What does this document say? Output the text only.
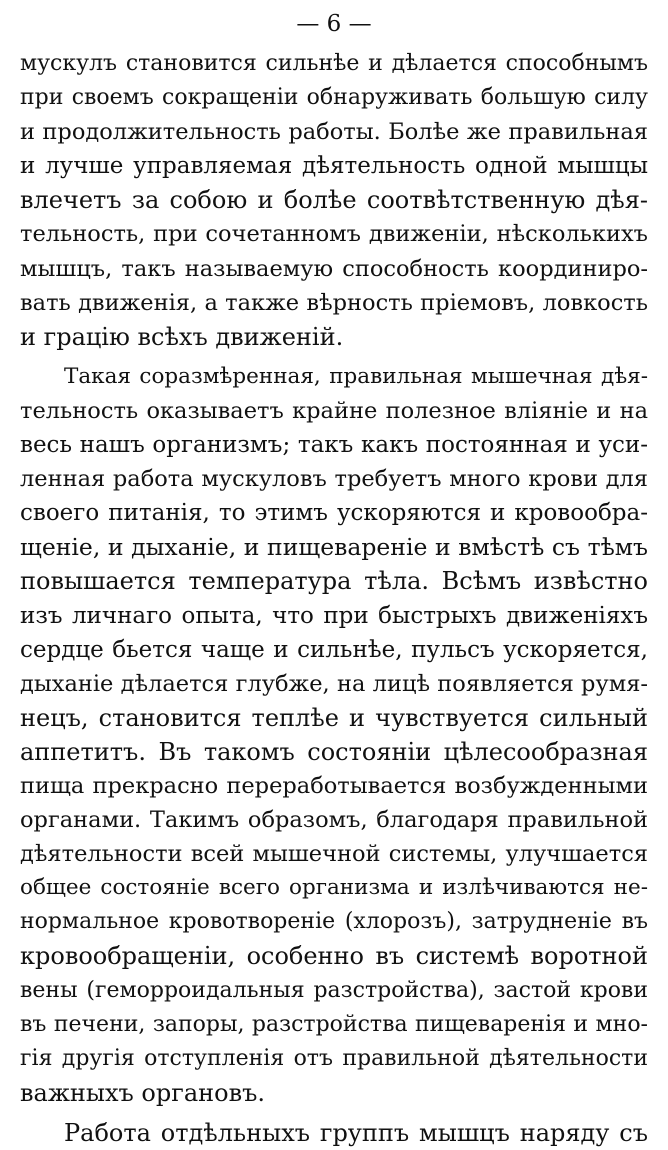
— 6 —
мускулъ становится сильнѣе и дѣлается способнымъ
при своемъ сокращеніи обнаруживать большую силу
и продолжительность работы. Болѣе же правильная
и лучше управляемая дѣятельность одной мышцы
влечетъ за собою и болѣе соотвѣтственную дѣя-
тельность, при сочетанномъ движеніи, нѣсколькихъ
мышцъ, такъ называемую способность координиро-
вать движенія, а также вѣрность пріемовъ, ловкость
и грацію всѣхъ движеній.
Такая соразмѣренная, правильная мышечная дѣя-
тельность оказываетъ крайне полезное вліяніе и на
весь нашъ организмъ; такъ какъ постоянная и уси-
ленная работа мускуловъ требуетъ много крови для
своего питанія, то этимъ ускоряются и кровообра-
щеніе, и дыханіе, и пищевареніе и вмѣстѣ съ тѣмъ
повышается температура тѣла. Всѣмъ извѣстно
изъ личнаго опыта, что при быстрыхъ движеніяхъ
сердце бьется чаще и сильнѣе, пульсъ ускоряется,
дыханіе дѣлается глубже, на лицѣ появляется румя-
нецъ, становится теплѣе и чувствуется сильный
аппетитъ. Въ такомъ состояніи цѣлесообразная
пища прекрасно переработывается возбужденными
органами. Такимъ образомъ, благодаря правильной
дѣятельности всей мышечной системы, улучшается
общее состояніе всего организма и излѣчиваются не-
нормальное кровотвореніе (хлорозъ), затрудненіе въ
кровообращеніи, особенно въ системѣ воротной
вены (геморроидальныя разстройства), застой крови
въ печени, запоры, разстройства пищеваренія и мно-
гія другія отступленія отъ правильной дѣятельности
важныхъ органовъ.
Работа отдѣльныхъ группъ мышцъ наряду съ
